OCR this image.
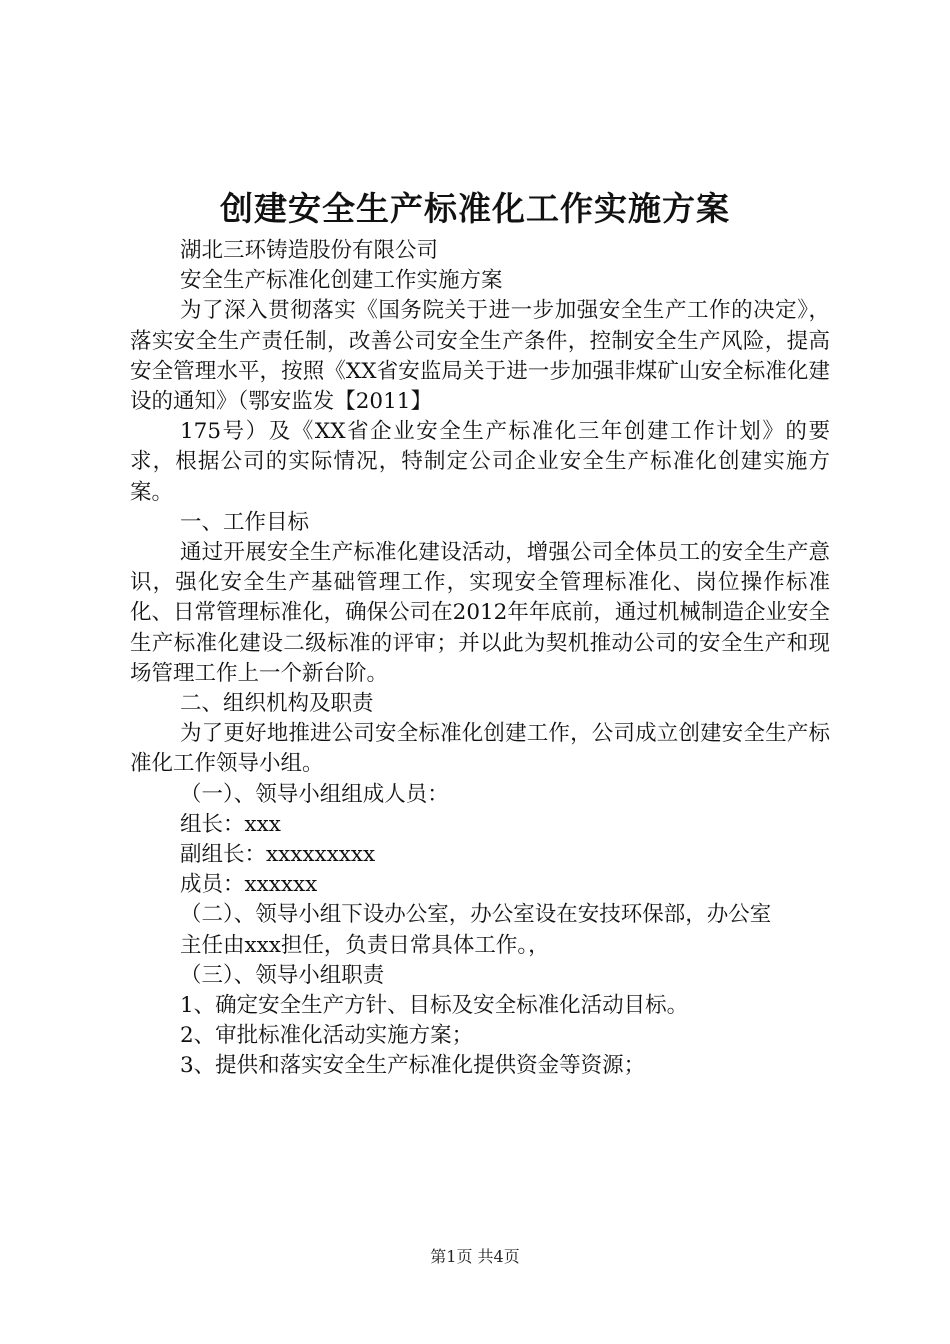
创建安全生产标准化工作实施方案

湖北三环铸造股份有限公司

安全生产标准化创建工作实施方案

为了深入贯彻落实《国务院关于进一步加强安全生产工作的决定》，落实安全生产责任制，改善公司安全生产条件，控制安全生产风险，提高安全管理水平，按照《XX省安监局关于进一步加强非煤矿山安全标准化建设的通知》（鄂安监发【2011】

175号）及《XX省企业安全生产标准化三年创建工作计划》的要求，根据公司的实际情况，特制定公司企业安全生产标准化创建实施方案。

一、工作目标

通过开展安全生产标准化建设活动，增强公司全体员工的安全生产意识，强化安全生产基础管理工作，实现安全管理标准化、岗位操作标准化、日常管理标准化，确保公司在2012年年底前，通过机械制造企业安全生产标准化建设二级标准的评审；并以此为契机推动公司的安全生产和现场管理工作上一个新台阶。

二、组织机构及职责

为了更好地推进公司安全标准化创建工作，公司成立创建安全生产标准化工作领导小组。

（一）、领导小组组成人员：

组长：xxx

副组长：xxxxxxxxx

成员：xxxxxx

（二）、领导小组下设办公室，办公室设在安技环保部，办公室

主任由xxx担任，负责日常具体工作。，

（三）、领导小组职责

1、确定安全生产方针、目标及安全标准化活动目标。

2、审批标准化活动实施方案；

3、提供和落实安全生产标准化提供资金等资源；

第1页 共4页
